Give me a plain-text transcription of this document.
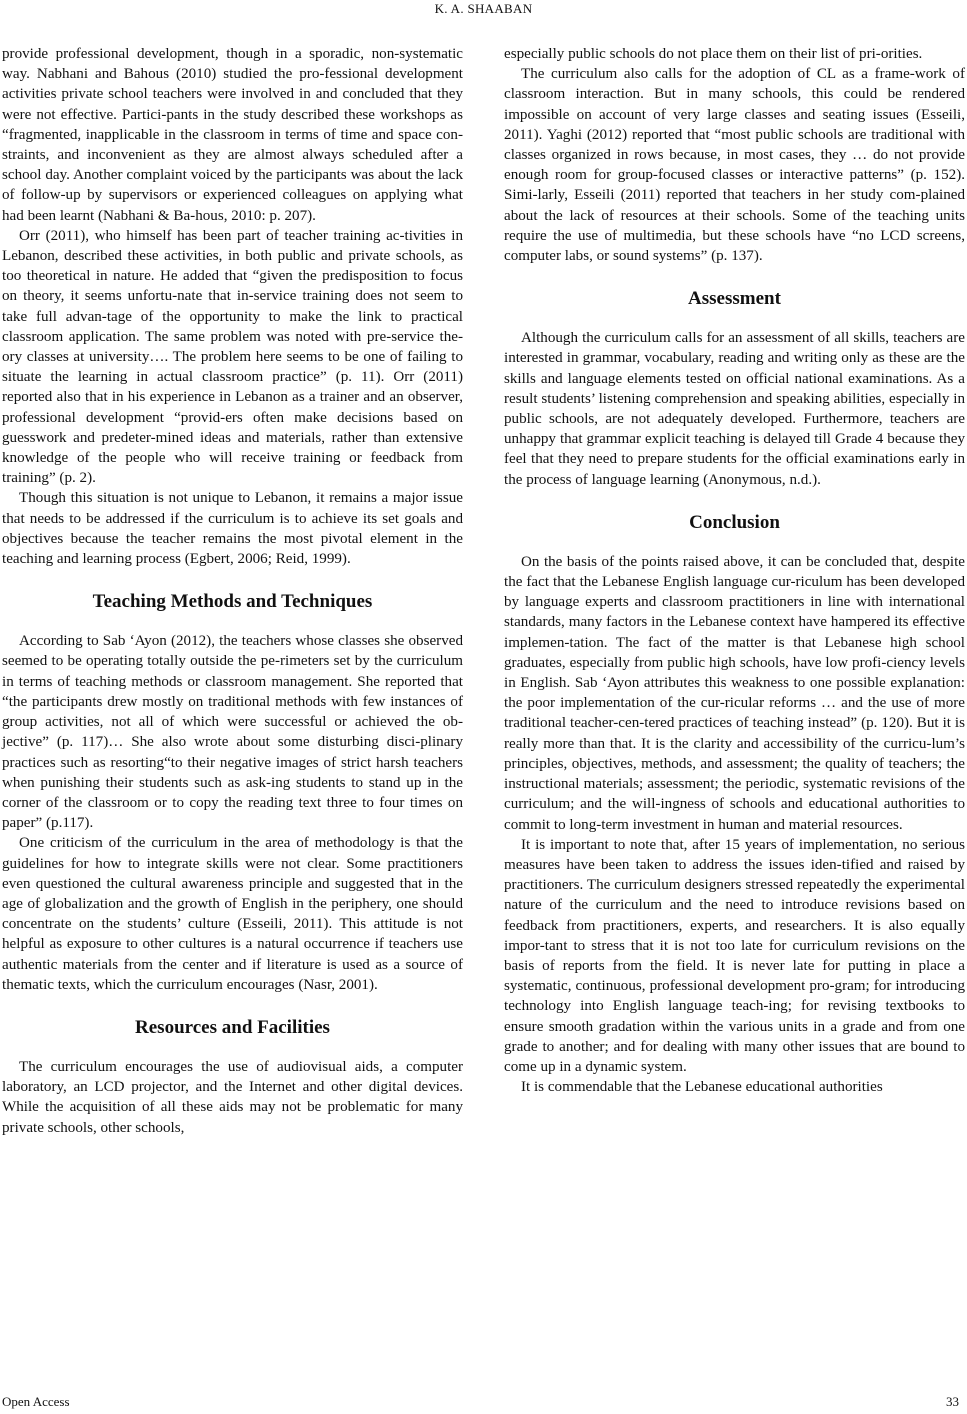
K. A. SHAABAN

provide professional development, though in a sporadic, non-systematic way. Nabhani and Bahous (2010) studied the pro-fessional development activities private school teachers were involved in and concluded that they were not effective. Partici-pants in the study described these workshops as “fragmented, inapplicable in the classroom in terms of time and space con-straints, and inconvenient as they are almost always scheduled after a school day. Another complaint voiced by the participants was about the lack of follow-up by supervisors or experienced colleagues on applying what had been learnt (Nabhani & Ba-hous, 2010: p. 207).

Orr (2011), who himself has been part of teacher training ac-tivities in Lebanon, described these activities, in both public and private schools, as too theoretical in nature. He added that “given the predisposition to focus on theory, it seems unfortu-nate that in-service training does not seem to take full advan-tage of the opportunity to make the link to practical classroom application. The same problem was noted with pre-service the-ory classes at university…. The problem here seems to be one of failing to situate the learning in actual classroom practice” (p. 11). Orr (2011) reported also that in his experience in Lebanon as a trainer and an observer, professional development “provid-ers often make decisions based on guesswork and predeter-mined ideas and materials, rather than extensive knowledge of the people who will receive training or feedback from training” (p. 2).

Though this situation is not unique to Lebanon, it remains a major issue that needs to be addressed if the curriculum is to achieve its set goals and objectives because the teacher remains the most pivotal element in the teaching and learning process (Egbert, 2006; Reid, 1999).

Teaching Methods and Techniques

According to Sab ‘Ayon (2012), the teachers whose classes she observed seemed to be operating totally outside the pe-rimeters set by the curriculum in terms of teaching methods or classroom management. She reported that “the participants drew mostly on traditional methods with few instances of group activities, not all of which were successful or achieved the ob-jective” (p. 117)… She also wrote about some disturbing disci-plinary practices such as resorting“to their negative images of strict harsh teachers when punishing their students such as ask-ing students to stand up in the corner of the classroom or to copy the reading text three to four times on paper” (p.117).

One criticism of the curriculum in the area of methodology is that the guidelines for how to integrate skills were not clear. Some practitioners even questioned the cultural awareness principle and suggested that in the age of globalization and the growth of English in the periphery, one should concentrate on the students’ culture (Esseili, 2011). This attitude is not helpful as exposure to other cultures is a natural occurrence if teachers use authentic materials from the center and if literature is used as a source of thematic texts, which the curriculum encourages (Nasr, 2001).

Resources and Facilities

The curriculum encourages the use of audiovisual aids, a computer laboratory, an LCD projector, and the Internet and other digital devices. While the acquisition of all these aids may not be problematic for many private schools, other schools,

especially public schools do not place them on their list of pri-orities.

The curriculum also calls for the adoption of CL as a frame-work of classroom interaction. But in many schools, this could be rendered impossible on account of very large classes and seating issues (Esseili, 2011). Yaghi (2012) reported that “most public schools are traditional with classes organized in rows because, in most cases, they … do not provide enough room for group-focused classes or interactive patterns” (p. 152). Simi-larly, Esseili (2011) reported that teachers in her study com-plained about the lack of resources at their schools. Some of the teaching units require the use of multimedia, but these schools have “no LCD screens, computer labs, or sound systems” (p. 137).

Assessment

Although the curriculum calls for an assessment of all skills, teachers are interested in grammar, vocabulary, reading and writing only as these are the skills and language elements tested on official national examinations. As a result students’ listening comprehension and speaking abilities, especially in public schools, are not adequately developed. Furthermore, teachers are unhappy that grammar explicit teaching is delayed till Grade 4 because they feel that they need to prepare students for the official examinations early in the process of language learning (Anonymous, n.d.).

Conclusion

On the basis of the points raised above, it can be concluded that, despite the fact that the Lebanese English language cur-riculum has been developed by language experts and classroom practitioners in line with international standards, many factors in the Lebanese context have hampered its effective implemen-tation. The fact of the matter is that Lebanese high school graduates, especially from public high schools, have low profi-ciency levels in English. Sab ‘Ayon attributes this weakness to one possible explanation: the poor implementation of the cur-ricular reforms … and the use of more traditional teacher-cen-tered practices of teaching instead” (p. 120). But it is really more than that. It is the clarity and accessibility of the curricu-lum’s principles, objectives, methods, and assessment; the quality of teachers; the instructional materials; assessment; the periodic, systematic revisions of the curriculum; and the will-ingness of schools and educational authorities to commit to long-term investment in human and material resources.

It is important to note that, after 15 years of implementation, no serious measures have been taken to address the issues iden-tified and raised by practitioners. The curriculum designers stressed repeatedly the experimental nature of the curriculum and the need to introduce revisions based on feedback from practitioners, experts, and researchers. It is also equally impor-tant to stress that it is not too late for curriculum revisions on the basis of reports from the field. It is never late for putting in place a systematic, continuous, professional development pro-gram; for introducing technology into English language teach-ing; for revising textbooks to ensure smooth gradation within the various units in a grade and from one grade to another; and for dealing with many other issues that are bound to come up in a dynamic system.

It is commendable that the Lebanese educational authorities

Open Access	33
